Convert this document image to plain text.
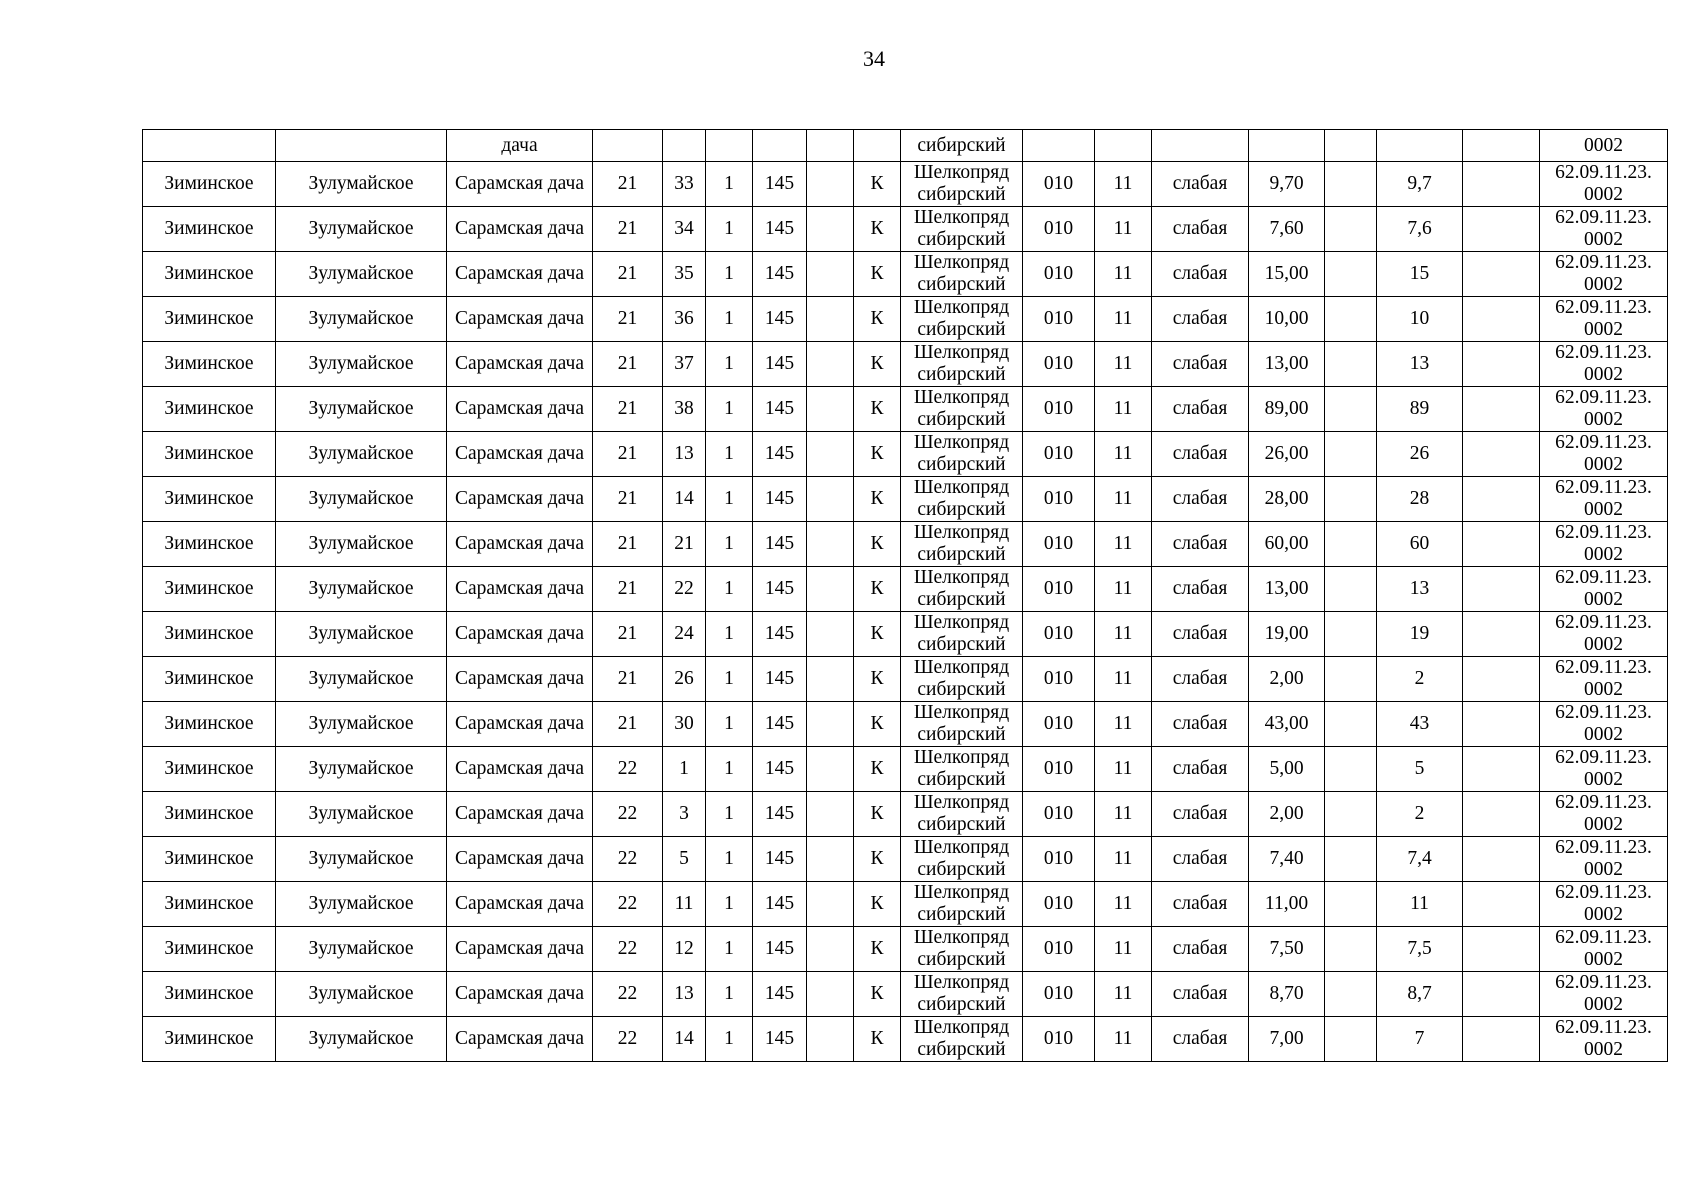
34
		дача							сибирский								0002
Зиминское	Зулумайское	Сарамская дача	21	33	1	145		К	Шелкопряд сибирский	010	11	слабая	9,70		9,7		62.09.11.23. 0002
Зиминское	Зулумайское	Сарамская дача	21	34	1	145		К	Шелкопряд сибирский	010	11	слабая	7,60		7,6		62.09.11.23. 0002
Зиминское	Зулумайское	Сарамская дача	21	35	1	145		К	Шелкопряд сибирский	010	11	слабая	15,00		15		62.09.11.23. 0002
Зиминское	Зулумайское	Сарамская дача	21	36	1	145		К	Шелкопряд сибирский	010	11	слабая	10,00		10		62.09.11.23. 0002
Зиминское	Зулумайское	Сарамская дача	21	37	1	145		К	Шелкопряд сибирский	010	11	слабая	13,00		13		62.09.11.23. 0002
Зиминское	Зулумайское	Сарамская дача	21	38	1	145		К	Шелкопряд сибирский	010	11	слабая	89,00		89		62.09.11.23. 0002
Зиминское	Зулумайское	Сарамская дача	21	13	1	145		К	Шелкопряд сибирский	010	11	слабая	26,00		26		62.09.11.23. 0002
Зиминское	Зулумайское	Сарамская дача	21	14	1	145		К	Шелкопряд сибирский	010	11	слабая	28,00		28		62.09.11.23. 0002
Зиминское	Зулумайское	Сарамская дача	21	21	1	145		К	Шелкопряд сибирский	010	11	слабая	60,00		60		62.09.11.23. 0002
Зиминское	Зулумайское	Сарамская дача	21	22	1	145		К	Шелкопряд сибирский	010	11	слабая	13,00		13		62.09.11.23. 0002
Зиминское	Зулумайское	Сарамская дача	21	24	1	145		К	Шелкопряд сибирский	010	11	слабая	19,00		19		62.09.11.23. 0002
Зиминское	Зулумайское	Сарамская дача	21	26	1	145		К	Шелкопряд сибирский	010	11	слабая	2,00		2		62.09.11.23. 0002
Зиминское	Зулумайское	Сарамская дача	21	30	1	145		К	Шелкопряд сибирский	010	11	слабая	43,00		43		62.09.11.23. 0002
Зиминское	Зулумайское	Сарамская дача	22	1	1	145		К	Шелкопряд сибирский	010	11	слабая	5,00		5		62.09.11.23. 0002
Зиминское	Зулумайское	Сарамская дача	22	3	1	145		К	Шелкопряд сибирский	010	11	слабая	2,00		2		62.09.11.23. 0002
Зиминское	Зулумайское	Сарамская дача	22	5	1	145		К	Шелкопряд сибирский	010	11	слабая	7,40		7,4		62.09.11.23. 0002
Зиминское	Зулумайское	Сарамская дача	22	11	1	145		К	Шелкопряд сибирский	010	11	слабая	11,00		11		62.09.11.23. 0002
Зиминское	Зулумайское	Сарамская дача	22	12	1	145		К	Шелкопряд сибирский	010	11	слабая	7,50		7,5		62.09.11.23. 0002
Зиминское	Зулумайское	Сарамская дача	22	13	1	145		К	Шелкопряд сибирский	010	11	слабая	8,70		8,7		62.09.11.23. 0002
Зиминское	Зулумайское	Сарамская дача	22	14	1	145		К	Шелкопряд сибирский	010	11	слабая	7,00		7		62.09.11.23. 0002
